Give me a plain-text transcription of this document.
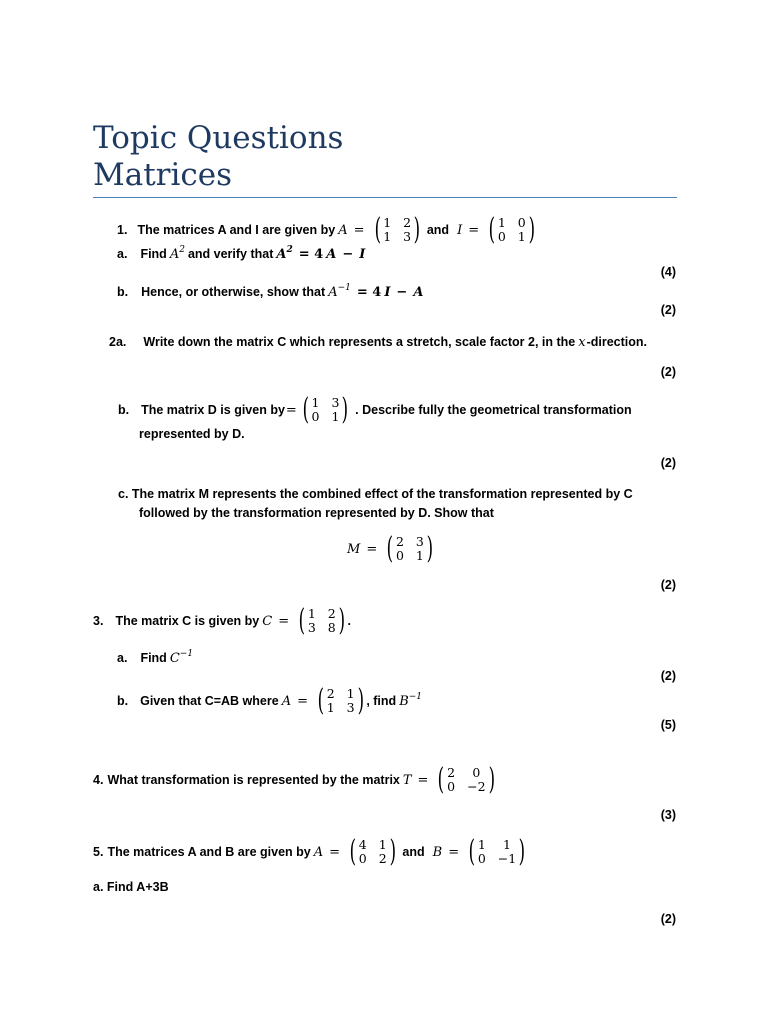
Topic Questions
Matrices
1. The matrices A and I are given by A = ( 1 2
1 3 ) and I = ( 1 0
0 1 )
a. Find $A^2$ and verify that $A^2 = 4$ A − I
(4)
b. Hence, or otherwise, show that $A^{-1} = 4$ I − A
(2)
2a. Write down the matrix C which represents a stretch, scale factor 2, in the x -direction.
(2)
b. The matrix D is given by = ( 1 3
0 1 ) . Describe fully the geometrical transformation
represented by D.
(2)
c. The matrix M represents the combined effect of the transformation represented by C
followed by the transformation represented by D. Show that
M = ( 2 3
0 1 )
(2)
3. The matrix C is given by C = ( 1 2
3 8 ) .
a. Find $C^{-1}$
(2)
b. Given that C=AB where A = ( 2 1
1 3 ) , find $B^{-1}$
(5)
4. What transformation is represented by the matrix T = ( 2	0
0 −2 )
(3)
5. The matrices A and B are given by A = ( 4 1
0 2 ) and B = ( 1	1
0 −1 )
a. Find A+3B
(2)
